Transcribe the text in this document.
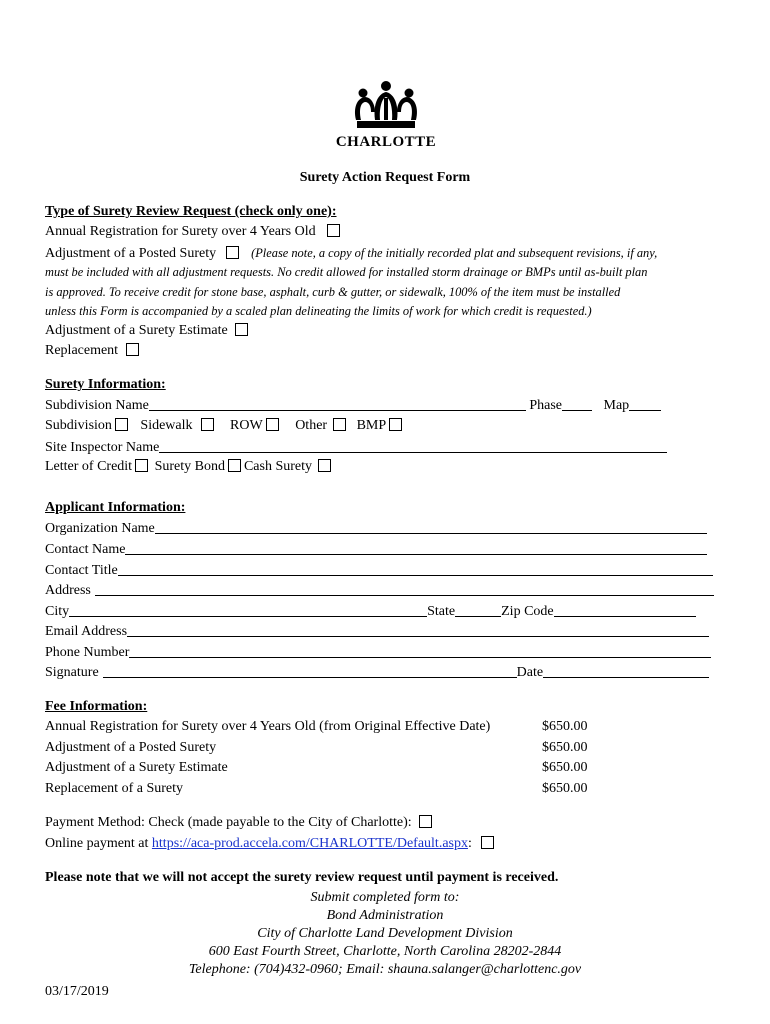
CHARLOTTE
Surety Action Request Form
Type of Surety Review Request (check only one):
Annual Registration for Surety over 4 Years Old
Adjustment of a Posted Surety	(Please note, a copy of the initially recorded plat and subsequent revisions, if any,
must be included with all adjustment requests. No credit allowed for installed storm drainage or BMPs until as-built plan
is approved. To receive credit for stone base, asphalt, curb & gutter, or sidewalk, 100% of the item must be installed
unless this Form is accompanied by a scaled plan delineating the limits of work for which credit is requested.)
Adjustment of a Surety Estimate
Replacement
Surety Information:
Subdivision Name	Phase	Map
Subdivision Sidewalk	ROW Other BMP
Site Inspector Name
Letter of Credit Surety Bond Cash Surety
Applicant Information:
Organization Name
Contact Name
Contact Title
Address
City	State	Zip Code
Email Address
Phone Number
Signature	Date
Fee Information:
Annual Registration for Surety over 4 Years Old (from Original Effective Date)	$650.00
Adjustment of a Posted Surety	$650.00
Adjustment of a Surety Estimate	$650.00
Replacement of a Surety	$650.00
Payment Method: Check (made payable to the City of Charlotte):
Online payment at https://aca-prod.accela.com/CHARLOTTE/Default.aspx:
Please note that we will not accept the surety review request until payment is received.
Submit completed form to:
Bond Administration
City of Charlotte Land Development Division
600 East Fourth Street, Charlotte, North Carolina 28202-2844
Telephone: (704)432-0960; Email: shauna.salanger@charlottenc.gov
03/17/2019
